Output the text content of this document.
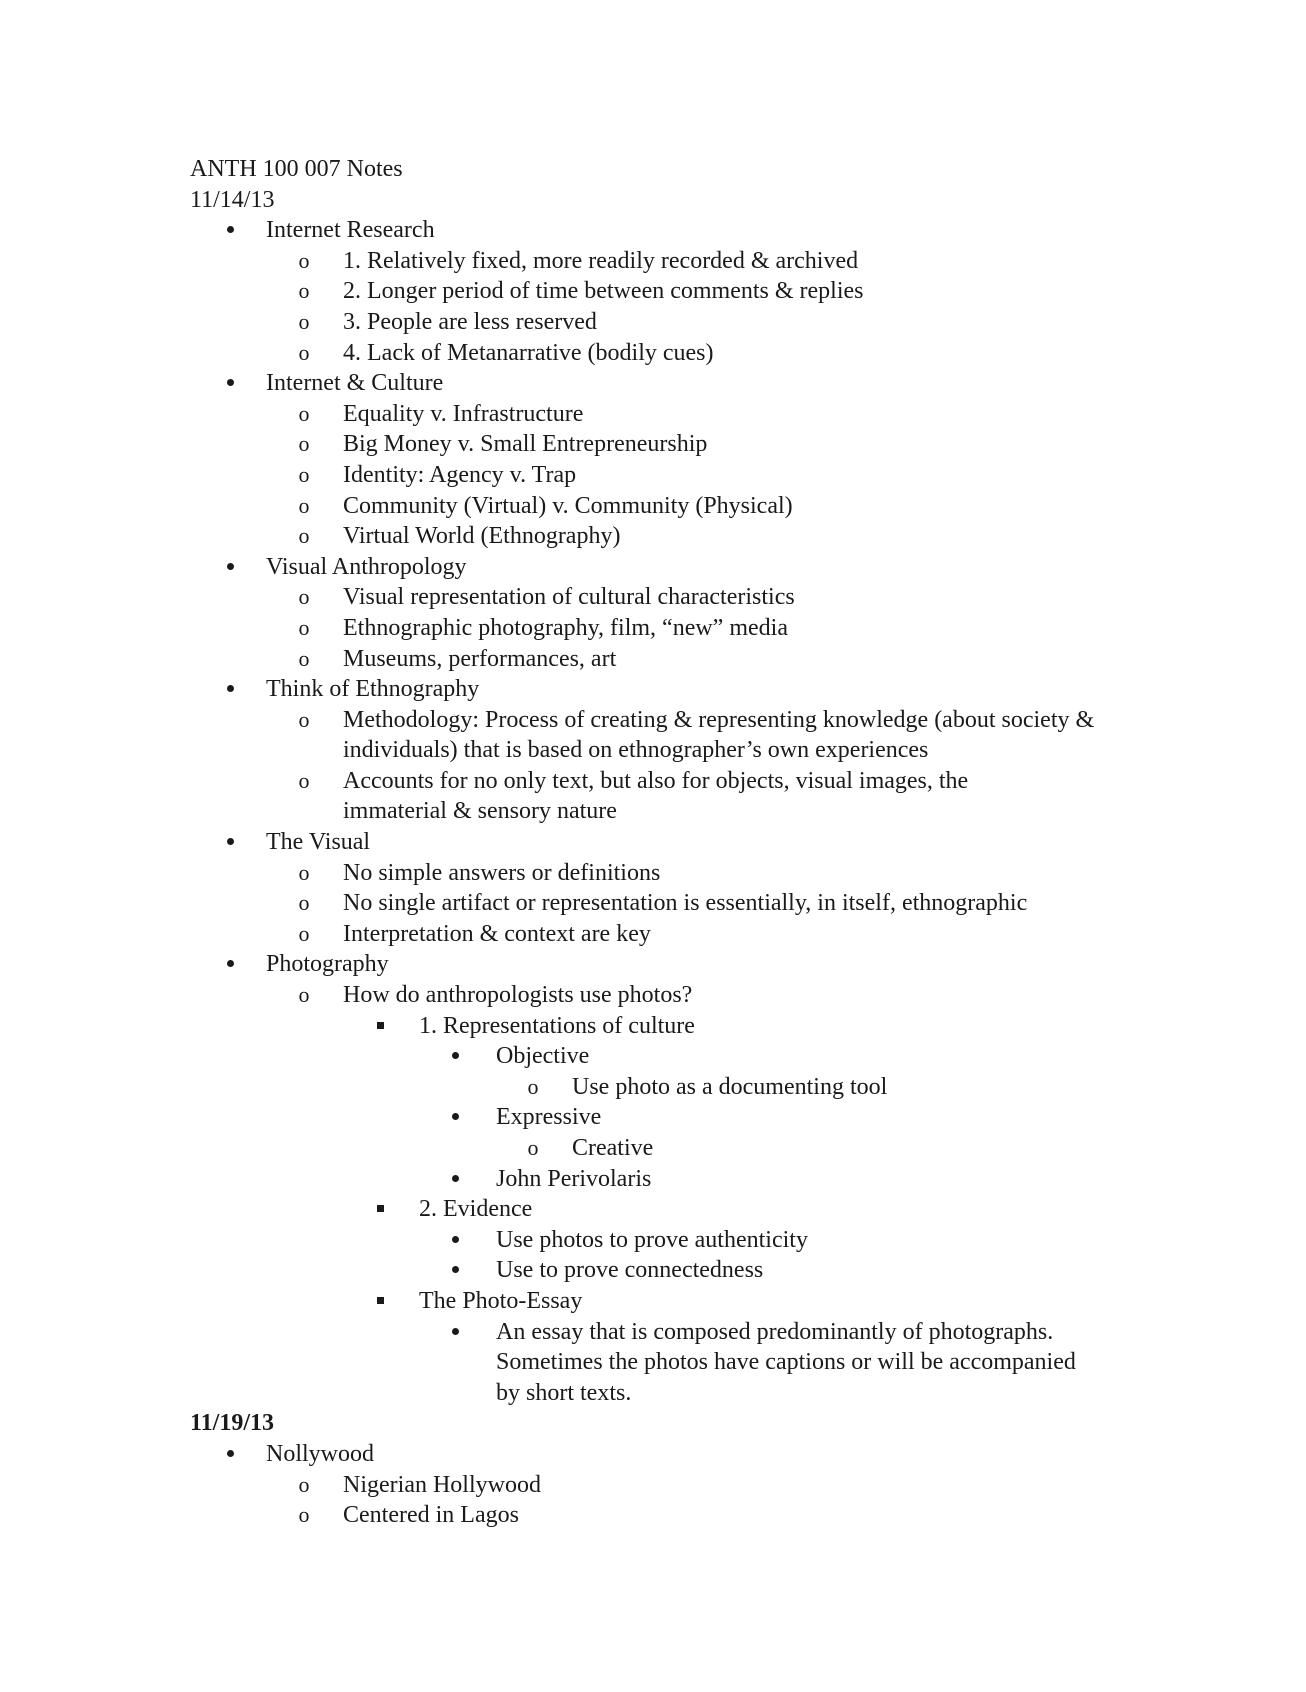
ANTH 100 007 Notes
11/14/13
Internet Research
o 1. Relatively fixed, more readily recorded & archived
o 2. Longer period of time between comments & replies
o 3. People are less reserved
o 4. Lack of Metanarrative (bodily cues)
Internet & Culture
o Equality v. Infrastructure
o Big Money v. Small Entrepreneurship
o Identity: Agency v. Trap
o Community (Virtual) v. Community (Physical)
o Virtual World (Ethnography)
Visual Anthropology
o Visual representation of cultural characteristics
o Ethnographic photography, film, “new” media
o Museums, performances, art
Think of Ethnography
o Methodology: Process of creating & representing knowledge (about society & individuals) that is based on ethnographer’s own experiences
o Accounts for no only text, but also for objects, visual images, the immaterial & sensory nature
The Visual
o No simple answers or definitions
o No single artifact or representation is essentially, in itself, ethnographic
o Interpretation & context are key
Photography
o How do anthropologists use photos?
1. Representations of culture
Objective
o Use photo as a documenting tool
Expressive
o Creative
John Perivolaris
2. Evidence
Use photos to prove authenticity
Use to prove connectedness
The Photo-Essay
An essay that is composed predominantly of photographs. Sometimes the photos have captions or will be accompanied by short texts.
11/19/13
Nollywood
o Nigerian Hollywood
o Centered in Lagos
